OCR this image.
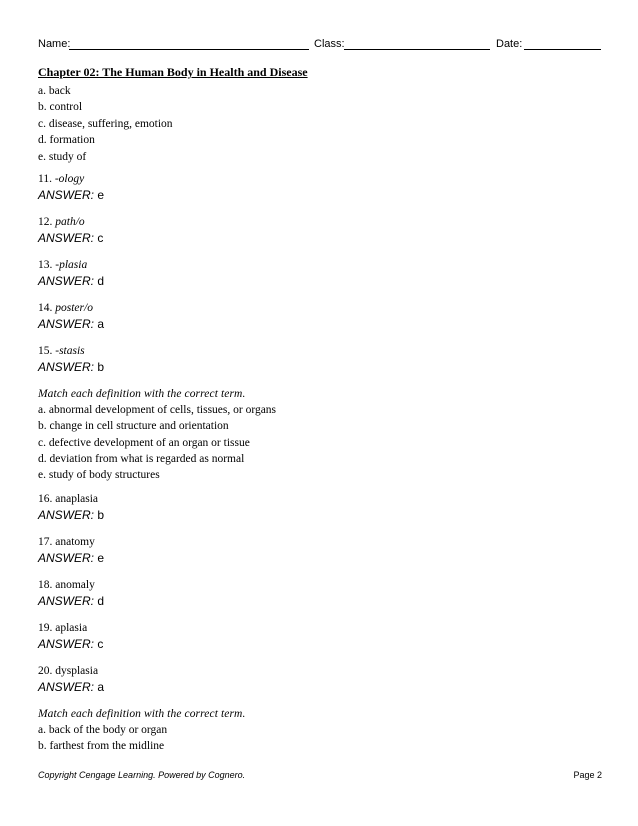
Name:	Class:	Date:
Chapter 02: The Human Body in Health and Disease
a. back
b. control
c. disease, suffering, emotion
d. formation
e. study of
11. -ology
ANSWER: e
12. path/o
ANSWER: c
13. -plasia
ANSWER: d
14. poster/o
ANSWER: a
15. -stasis
ANSWER: b
Match each definition with the correct term.
a. abnormal development of cells, tissues, or organs
b. change in cell structure and orientation
c. defective development of an organ or tissue
d. deviation from what is regarded as normal
e. study of body structures
16. anaplasia
ANSWER: b
17. anatomy
ANSWER: e
18. anomaly
ANSWER: d
19. aplasia
ANSWER: c
20. dysplasia
ANSWER: a
Match each definition with the correct term.
a. back of the body or organ
b. farthest from the midline
Copyright Cengage Learning. Powered by Cognero.	Page 2
